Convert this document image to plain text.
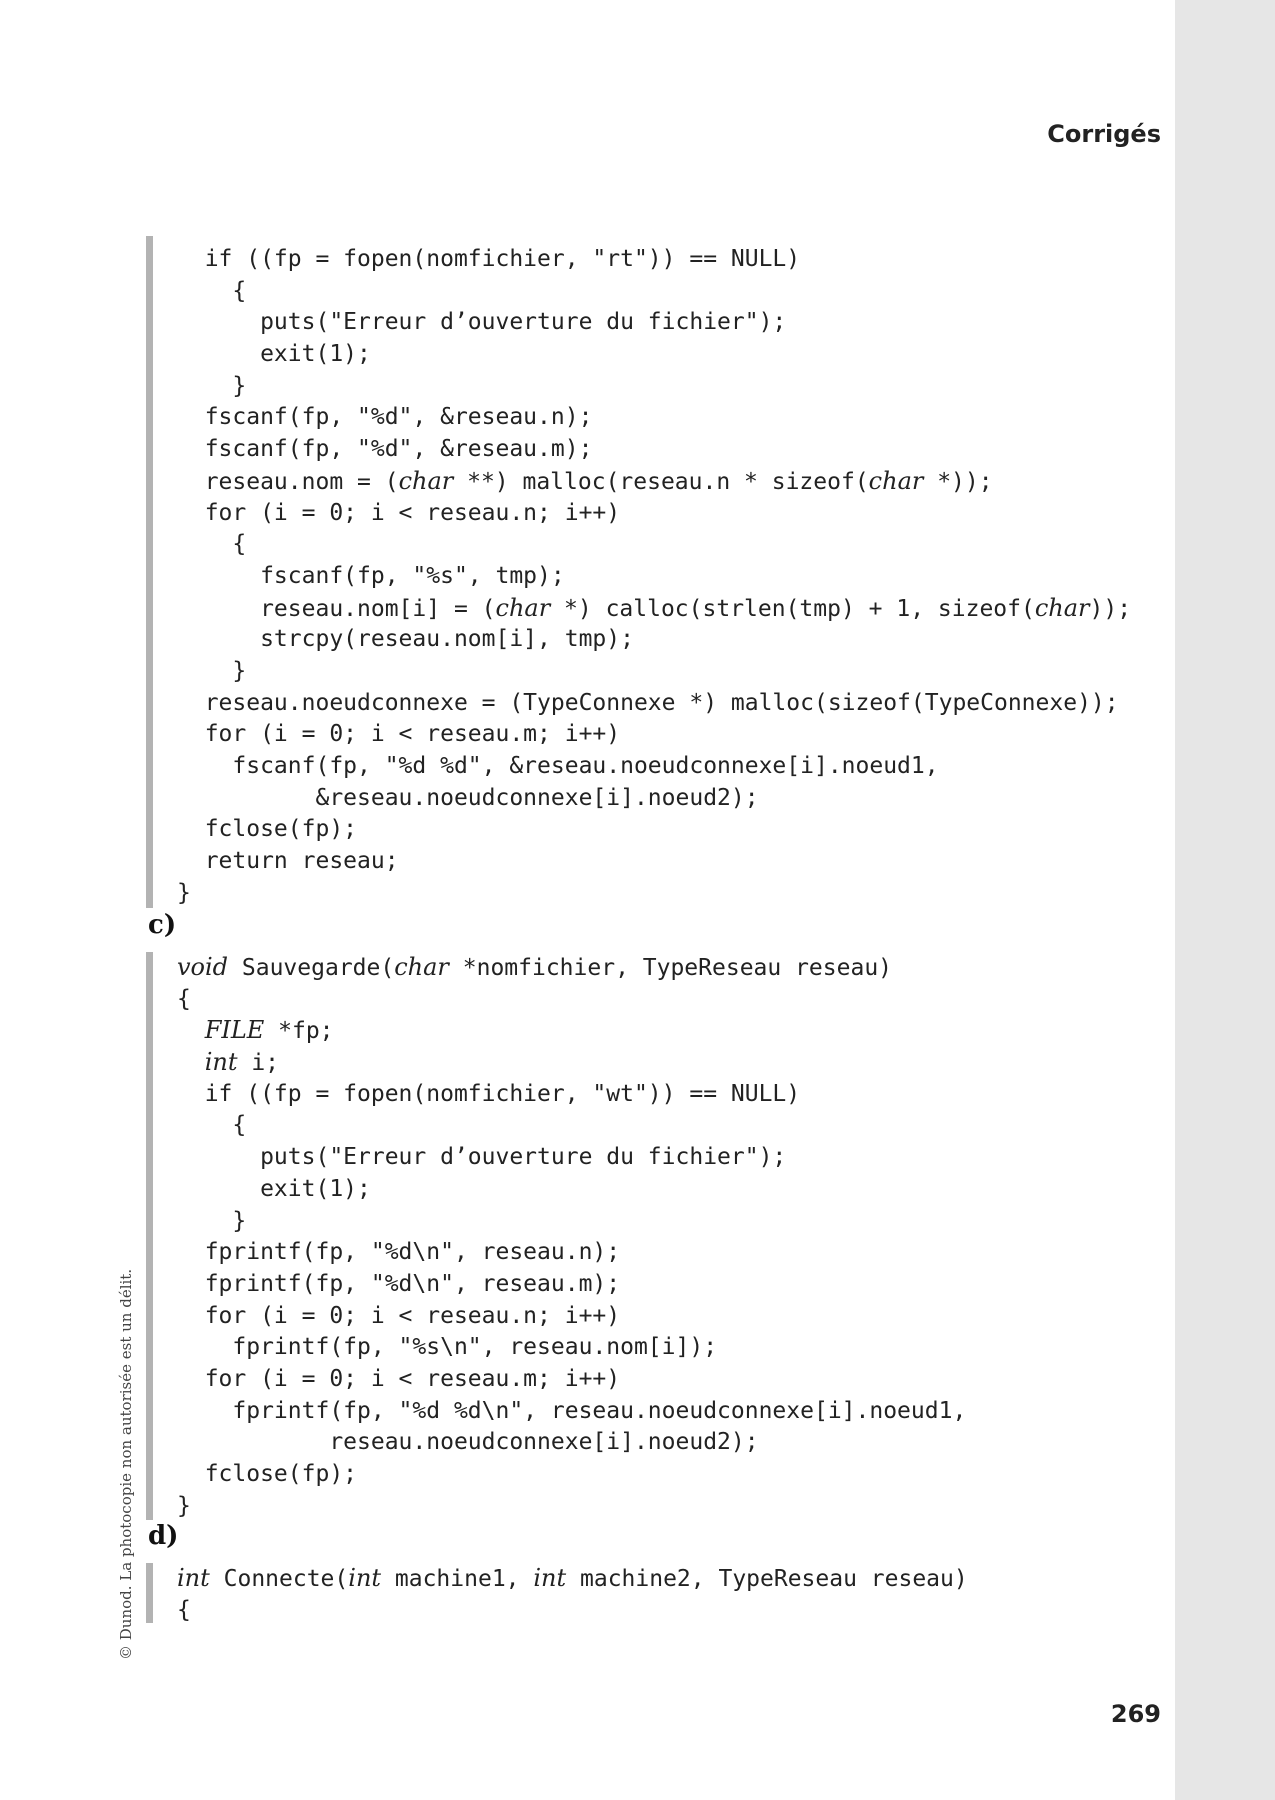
Corrigés
if ((fp = fopen(nomfichier, "rt")) == NULL)
{
puts("Erreur d’ouverture du fichier");
exit(1);
}
fscanf(fp, "%d", &reseau.n);
fscanf(fp, "%d", &reseau.m);
reseau.nom = (char **) malloc(reseau.n * sizeof(char *));
for (i = 0; i < reseau.n; i++)
{
fscanf(fp, "%s", tmp);
reseau.nom[i] = (char *) calloc(strlen(tmp) + 1, sizeof(char));
strcpy(reseau.nom[i], tmp);
}
reseau.noeudconnexe = (TypeConnexe *) malloc(sizeof(TypeConnexe));
for (i = 0; i < reseau.m; i++)
fscanf(fp, "%d %d", &reseau.noeudconnexe[i].noeud1,
&reseau.noeudconnexe[i].noeud2);
fclose(fp);
return reseau;
}
c)
void Sauvegarde(char *nomfichier, TypeReseau reseau)
{
FILE *fp;
int i;
if ((fp = fopen(nomfichier, "wt")) == NULL)
{
puts("Erreur d’ouverture du fichier");
exit(1);
}
fprintf(fp, "%d\n", reseau.n);
fprintf(fp, "%d\n", reseau.m);
for (i = 0; i < reseau.n; i++)
fprintf(fp, "%s\n", reseau.nom[i]);
for (i = 0; i < reseau.m; i++)
fprintf(fp, "%d %d\n", reseau.noeudconnexe[i].noeud1,
reseau.noeudconnexe[i].noeud2);
fclose(fp);
}
d)
int Connecte(int machine1, int machine2, TypeReseau reseau)
{
© Dunod. La photocopie non autorisée est un délit.
269
